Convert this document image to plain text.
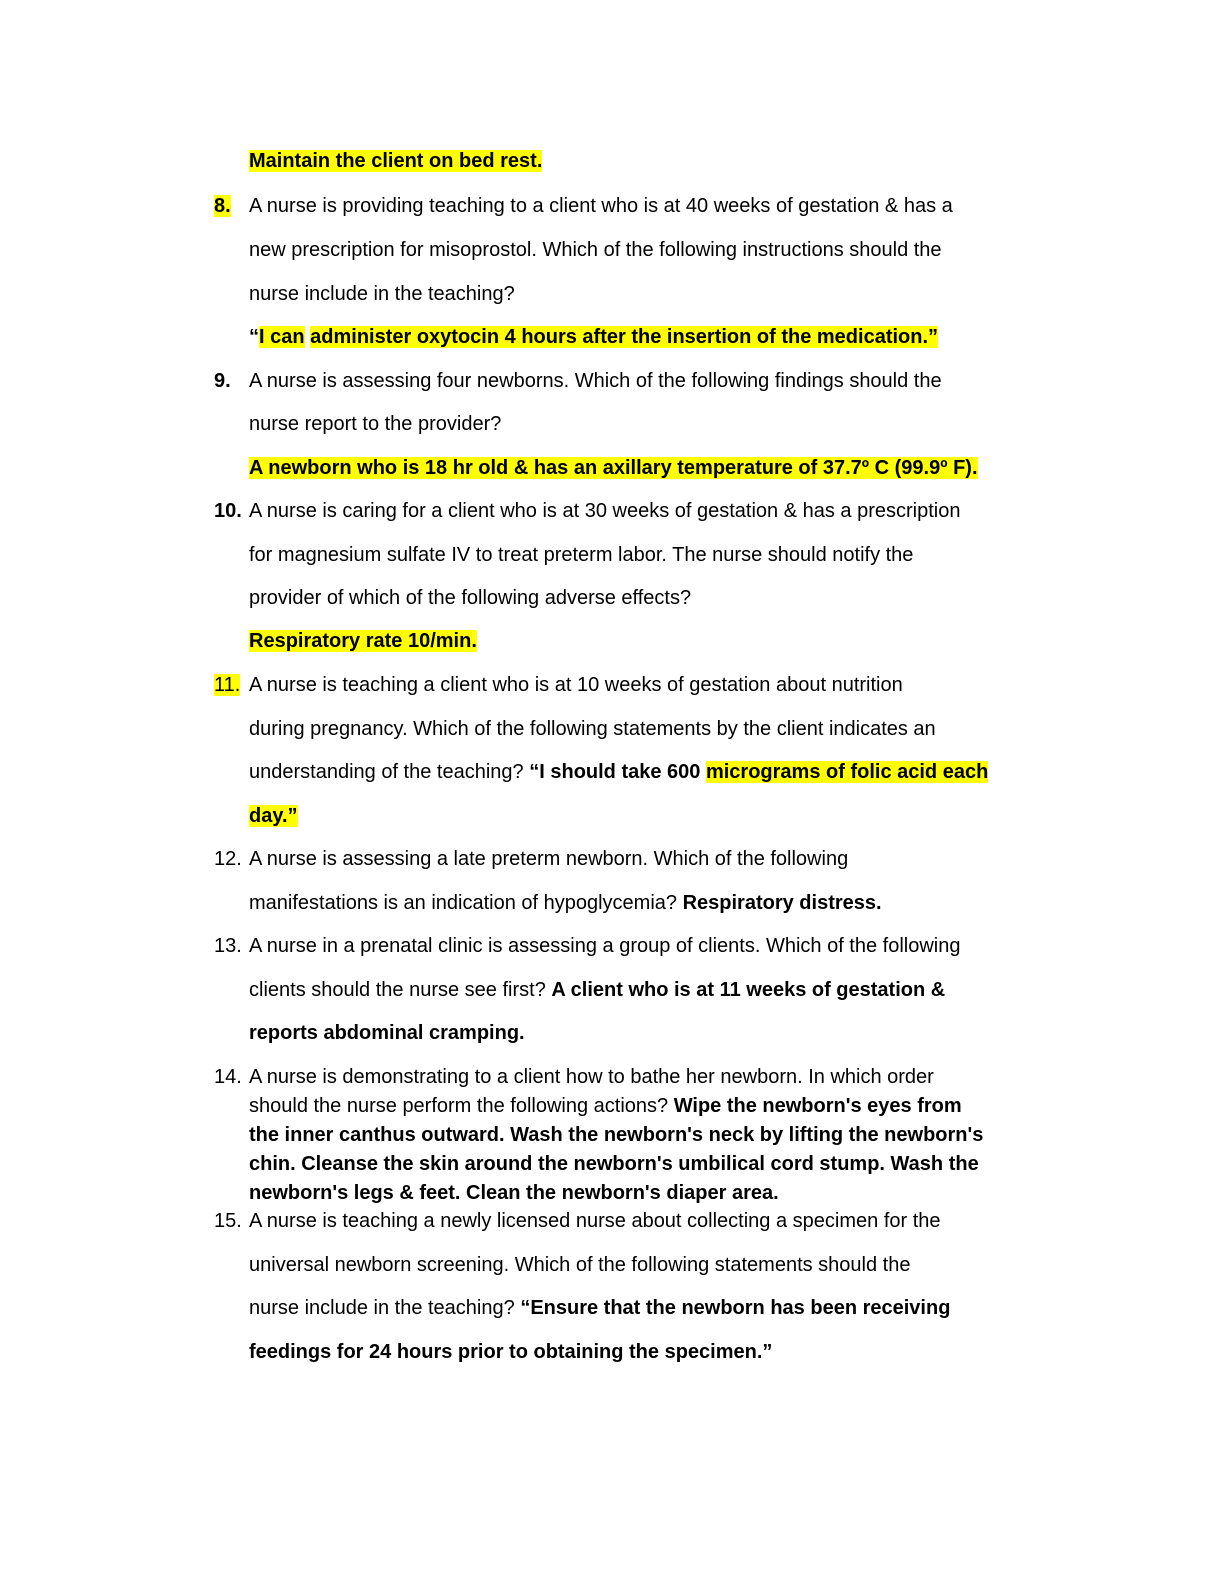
Maintain the client on bed rest.
8. A nurse is providing teaching to a client who is at 40 weeks of gestation & has a
new prescription for misoprostol. Which of the following instructions should the
nurse include in the teaching?
“I can administer oxytocin 4 hours after the insertion of the medication.”
9. A nurse is assessing four newborns. Which of the following findings should the
nurse report to the provider?
A newborn who is 18 hr old & has an axillary temperature of 37.7º C (99.9º F).
10. A nurse is caring for a client who is at 30 weeks of gestation & has a prescription
for magnesium sulfate IV to treat preterm labor. The nurse should notify the
provider of which of the following adverse effects?
Respiratory rate 10/min.
11. A nurse is teaching a client who is at 10 weeks of gestation about nutrition
during pregnancy. Which of the following statements by the client indicates an
understanding of the teaching? “I should take 600 micrograms of folic acid each
day.”
12. A nurse is assessing a late preterm newborn. Which of the following
manifestations is an indication of hypoglycemia? Respiratory distress.
13. A nurse in a prenatal clinic is assessing a group of clients. Which of the following
clients should the nurse see first? A client who is at 11 weeks of gestation &
reports abdominal cramping.
14. A nurse is demonstrating to a client how to bathe her newborn. In which order
should the nurse perform the following actions? Wipe the newborn's eyes from
the inner canthus outward. Wash the newborn's neck by lifting the newborn's
chin. Cleanse the skin around the newborn's umbilical cord stump. Wash the
newborn's legs & feet. Clean the newborn's diaper area.
15. A nurse is teaching a newly licensed nurse about collecting a specimen for the
universal newborn screening. Which of the following statements should the
nurse include in the teaching? “Ensure that the newborn has been receiving
feedings for 24 hours prior to obtaining the specimen.”
